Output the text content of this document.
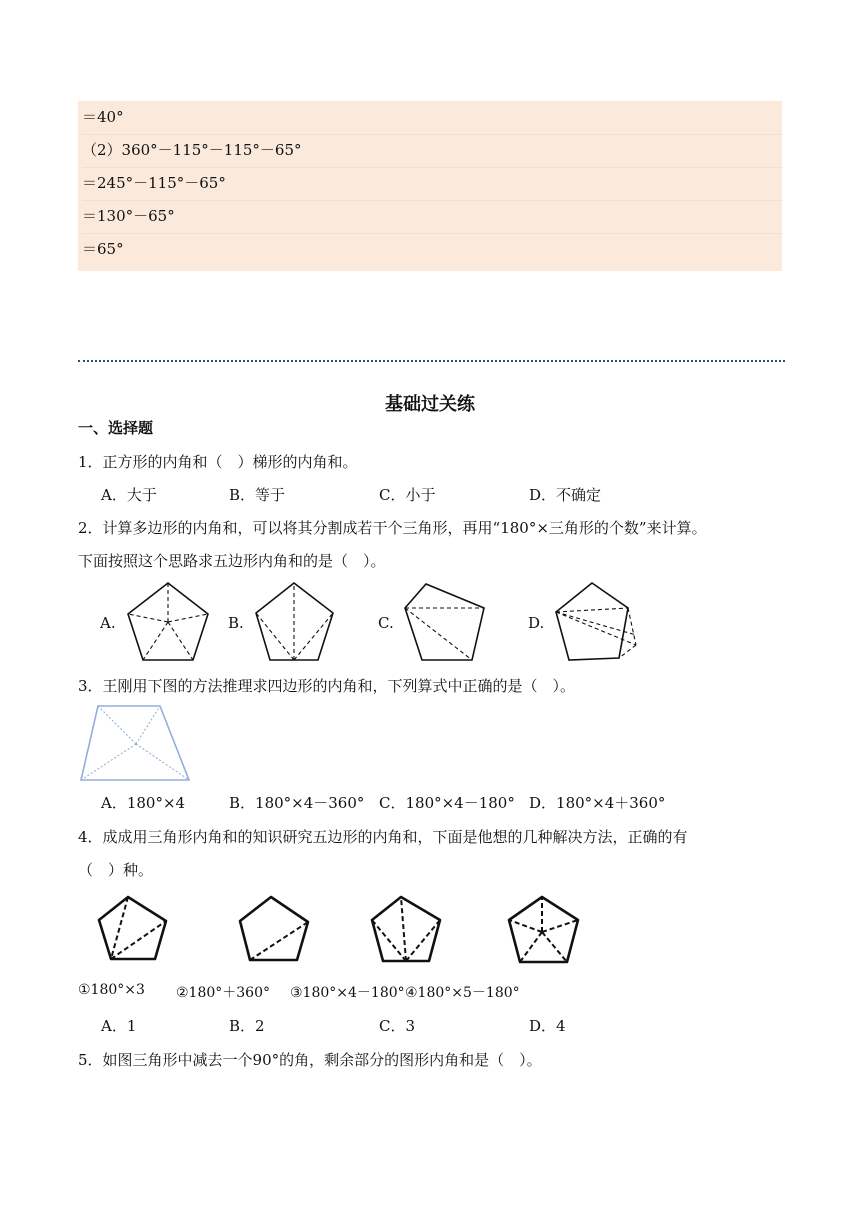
＝40°
（2）360°－115°－115°－65°
＝245°－115°－65°
＝130°－65°
＝65°
基础过关练
一、选择题
1．正方形的内角和（　）梯形的内角和。
A．大于	B．等于	C．小于	D．不确定
2．计算多边形的内角和，可以将其分割成若干个三角形，再用“180°×三角形的个数”来计算。
下面按照这个思路求五边形内角和的是（　）。
A.	B.	C.	D.
3．王刚用下图的方法推理求四边形的内角和，下列算式中正确的是（　）。
A．180°×4	B．180°×4－360° C．180°×4－180° D．180°×4＋360°
4．成成用三角形内角和的知识研究五边形的内角和，下面是他想的几种解决方法，正确的有
（　）种。
①180°×3 ②180°＋360° ③180°×4－180° ④180°×5－180°
A．1	B．2	C．3	D．4
5．如图三角形中减去一个90°的角，剩余部分的图形内角和是（　）。
